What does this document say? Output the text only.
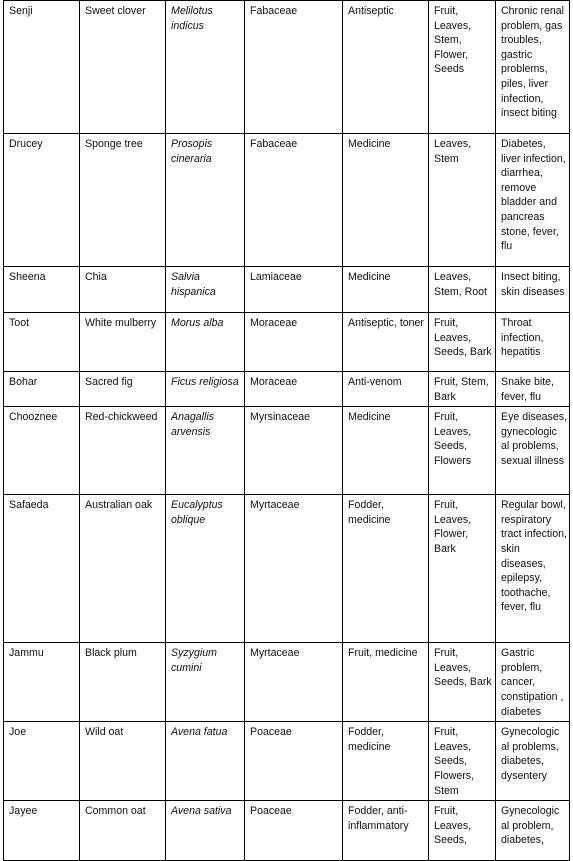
Senji	Sweet clover	Melilotus indicus	Fabaceae	Antiseptic	Fruit, Leaves, Stem, Flower, Seeds	Chronic renal problem, gas troubles, gastric problems, piles, liver infection, insect biting
Drucey	Sponge tree	Prosopis cineraria	Fabaceae	Medicine	Leaves, Stem	Diabetes, liver infection, diarrhea, remove bladder and pancreas stone, fever, flu
Sheena	Chia	Salvia hispanica	Lamiaceae	Medicine	Leaves, Stem, Root	Insect biting, skin diseases
Toot	White mulberry	Morus alba	Moraceae	Antiseptic, toner	Fruit, Leaves, Seeds, Bark	Throat infection, hepatitis
Bohar	Sacred fig	Ficus religiosa	Moraceae	Anti-venom	Fruit, Stem, Bark	Snake bite, fever, flu
Chooznee	Red-chickweed	Anagallis arvensis	Myrsinaceae	Medicine	Fruit, Leaves, Seeds, Flowers	Eye diseases, gynecologic al problems, sexual illness
Safaeda	Australian oak	Eucalyptus oblique	Myrtaceae	Fodder, medicine	Fruit, Leaves, Flower, Bark	Regular bowl, respiratory tract infection, skin diseases, epilepsy, toothache, fever, flu
Jammu	Black plum	Syzygium cumini	Myrtaceae	Fruit, medicine	Fruit, Leaves, Seeds, Bark	Gastric problem, cancer, constipation , diabetes
Joe	Wild oat	Avena fatua	Poaceae	Fodder, medicine	Fruit, Leaves, Seeds, Flowers, Stem	Gynecologic al problems, diabetes, dysentery
Jayee	Common oat	Avena sativa	Poaceae	Fodder, anti-inflammatory	Fruit, Leaves, Seeds,	Gynecologic al problem, diabetes,
